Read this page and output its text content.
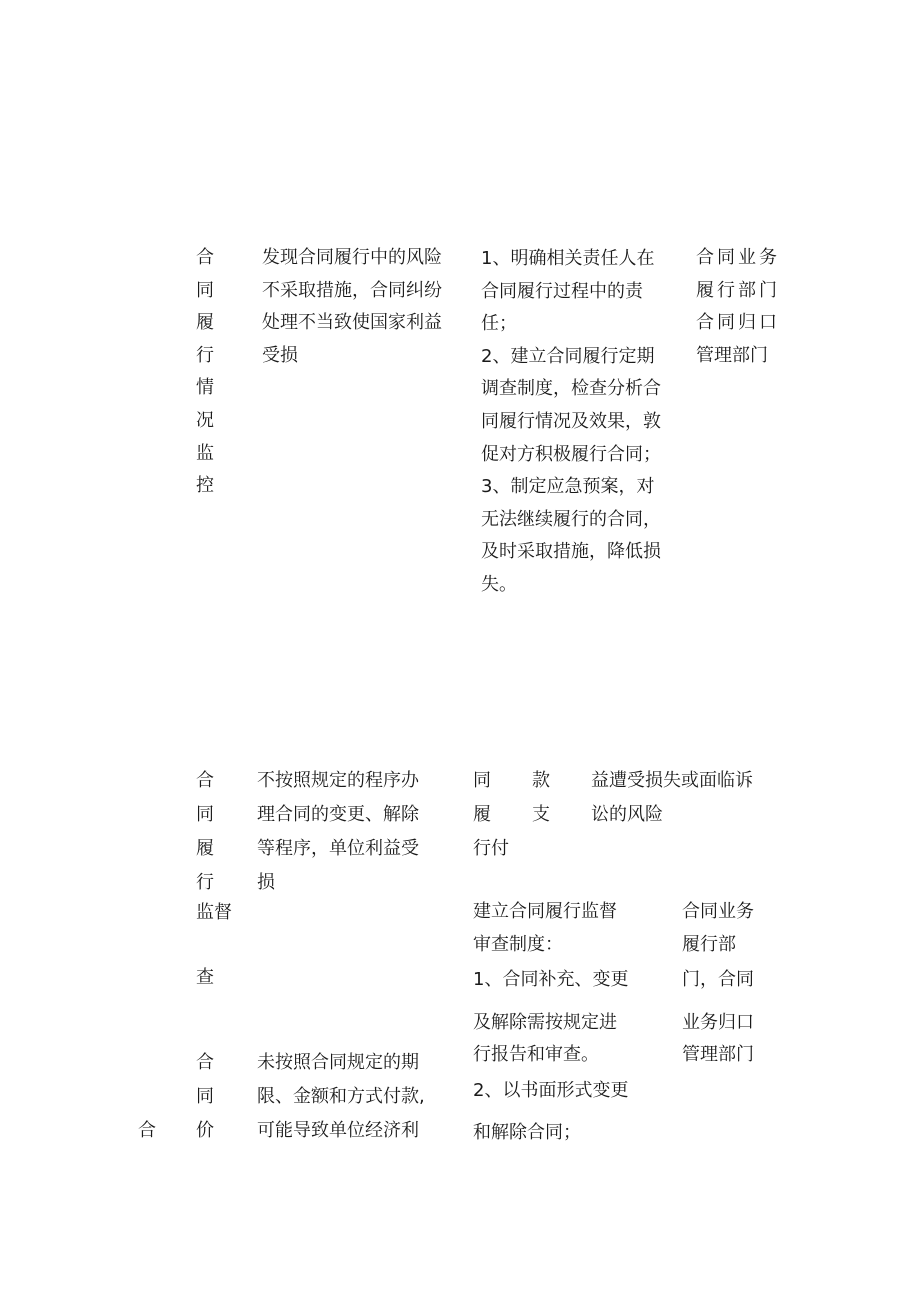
合
同
履
行
情
况
监
控
发现合同履行中的风险
不采取措施，合同纠纷
处理不当致使国家利益
受损
1、明确相关责任人在
合同履行过程中的责
任；
2、建立合同履行定期
调查制度，检查分析合
同履行情况及效果，敦
促对方积极履行合同；
3、制定应急预案，对
无法继续履行的合同，
及时采取措施，降低损
失。
合同业务
履行部门
合同归口
管理部门
合
同
履
行
监督
查
不按照规定的程序办
理合同的变更、解除
等程序，单位利益受
损
同
履
行付
款
支
益遭受损失或面临诉
讼的风险
建立合同履行监督
审查制度：
1、合同补充、变更
及解除需按规定进
行报告和审查。
2、以书面形式变更
和解除合同；
合同业务
履行部
门，合同
业务归口
管理部门
合
合
同
价
未按照合同规定的期
限、金额和方式付款,
可能导致单位经济利
